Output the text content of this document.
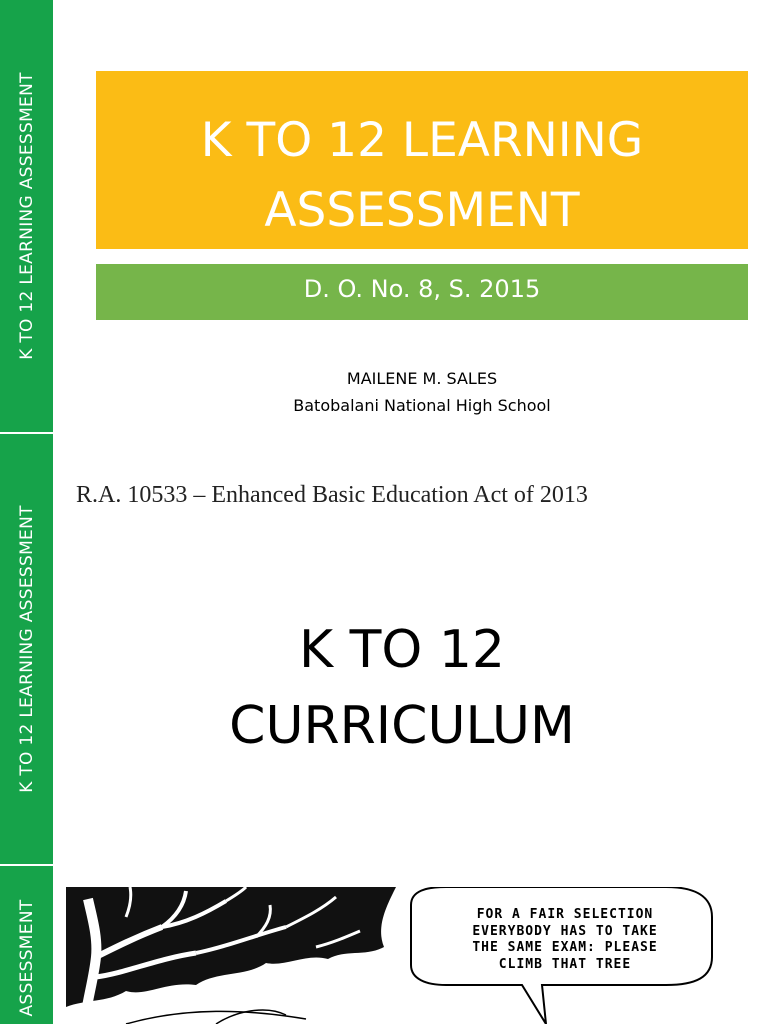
K TO 12 LEARNING ASSESSMENT
K TO 12 LEARNING ASSESSMENT
ASSESSMENT
K TO 12 LEARNING
ASSESSMENT
D. O. No. 8, S. 2015
MAILENE M. SALES
Batobalani National High School
R.A. 10533 – Enhanced Basic Education Act of 2013
K TO 12
CURRICULUM
FOR A FAIR SELECTION
EVERYBODY HAS TO TAKE
THE SAME EXAM: PLEASE
CLIMB THAT TREE
